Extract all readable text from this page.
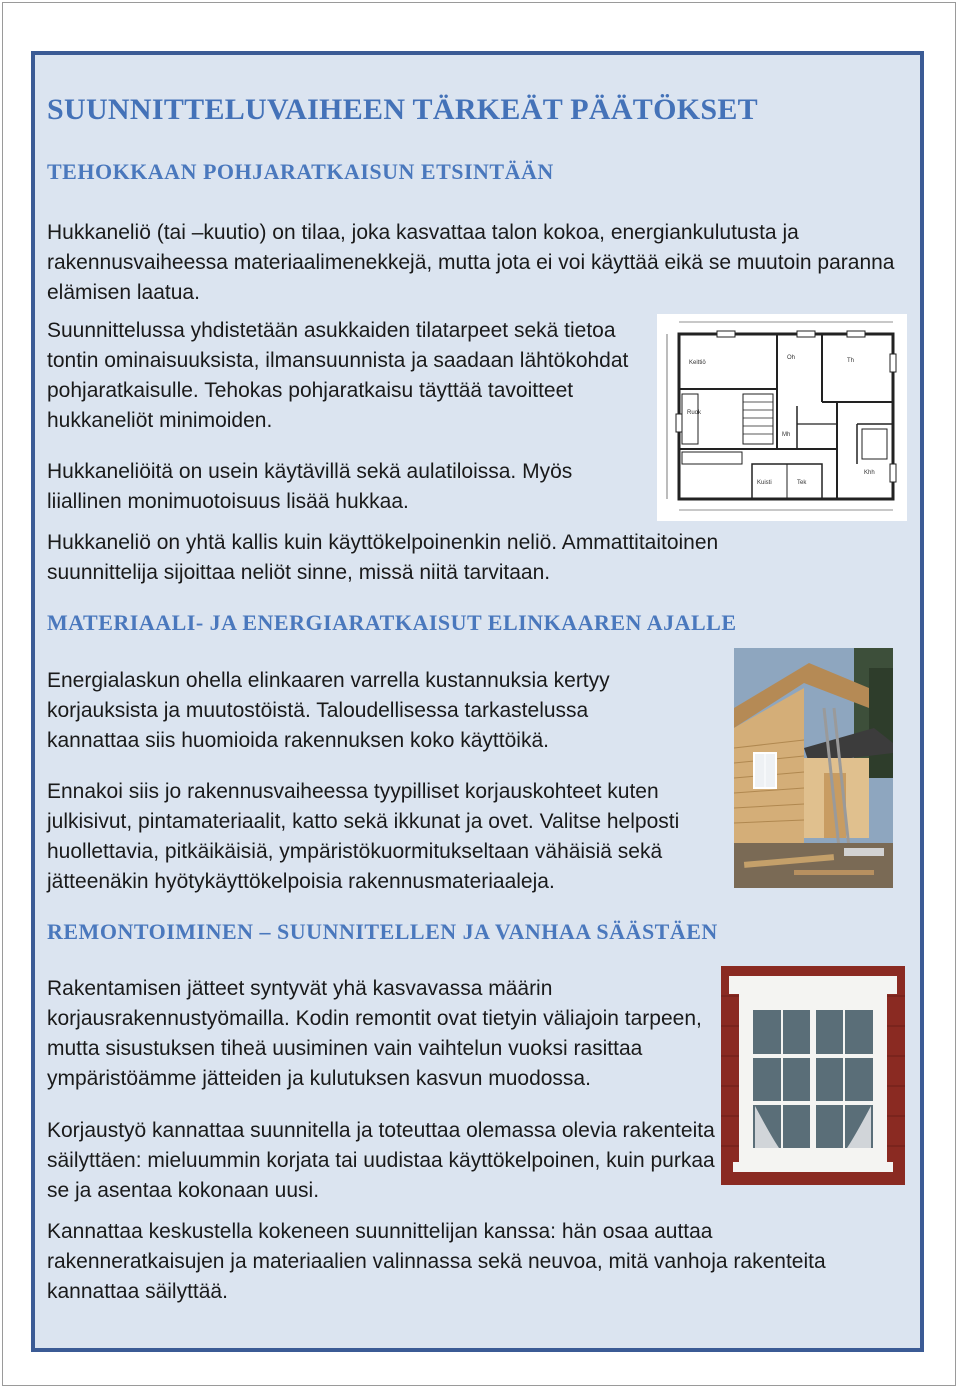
SUUNNITTELUVAIHEEN TÄRKEÄT PÄÄTÖKSET
TEHOKKAAN POHJARATKAISUN ETSINTÄÄN

Hukkaneliö (tai –kuutio) on tilaa, joka kasvattaa talon kokoa, energiankulutusta ja rakennusvaiheessa materiaalimenekkejä, mutta jota ei voi käyttää eikä se muutoin paranna elämisen laatua.

Suunnittelussa yhdistetään asukkaiden tilatarpeet sekä tietoa tontin ominaisuuksista, ilmansuunnista ja saadaan lähtökohdat pohjaratkaisulle. Tehokas pohjaratkaisu täyttää tavoitteet hukkaneliöt minimoiden.

Hukkaneliöitä on usein käytävillä sekä aulatiloissa. Myös liiallinen monimuotoisuus lisää hukkaa.

Hukkaneliö on yhtä kallis kuin käyttökelpoinenkin neliö. Ammattitaitoinen suunnittelija sijoittaa neliöt sinne, missä niitä tarvitaan.

Keittiö
Oh	Th
Ruok
Mh
Khh
Kuisti	Tek
MATERIAALI- JA ENERGIARATKAISUT ELINKAAREN AJALLE

Energialaskun ohella elinkaaren varrella kustannuksia kertyy korjauksista ja muutostöistä. Taloudellisessa tarkastelussa kannattaa siis huomioida rakennuksen koko käyttöikä.

Ennakoi siis jo rakennusvaiheessa tyypilliset korjauskohteet kuten julkisivut, pintamateriaalit, katto sekä ikkunat ja ovet. Valitse helposti huollettavia, pitkäikäisiä, ympäristökuormitukseltaan vähäisiä sekä jätteenäkin hyötykäyttökelpoisia rakennusmateriaaleja.

REMONTOIMINEN – SUUNNITELLEN JA VANHAA SÄÄSTÄEN

Rakentamisen jätteet syntyvät yhä kasvavassa määrin korjausrakennustyömailla. Kodin remontit ovat tietyin väliajoin tarpeen, mutta sisustuksen tiheä uusiminen vain vaihtelun vuoksi rasittaa ympäristöämme jätteiden ja kulutuksen kasvun muodossa.

Korjaustyö kannattaa suunnitella ja toteuttaa olemassa olevia rakenteita säilyttäen: mieluummin korjata tai uudistaa käyttökelpoinen, kuin purkaa se ja asentaa kokonaan uusi.

Kannattaa keskustella kokeneen suunnittelijan kanssa: hän osaa auttaa rakenneratkaisujen ja materiaalien valinnassa sekä neuvoa, mitä vanhoja rakenteita kannattaa säilyttää.
